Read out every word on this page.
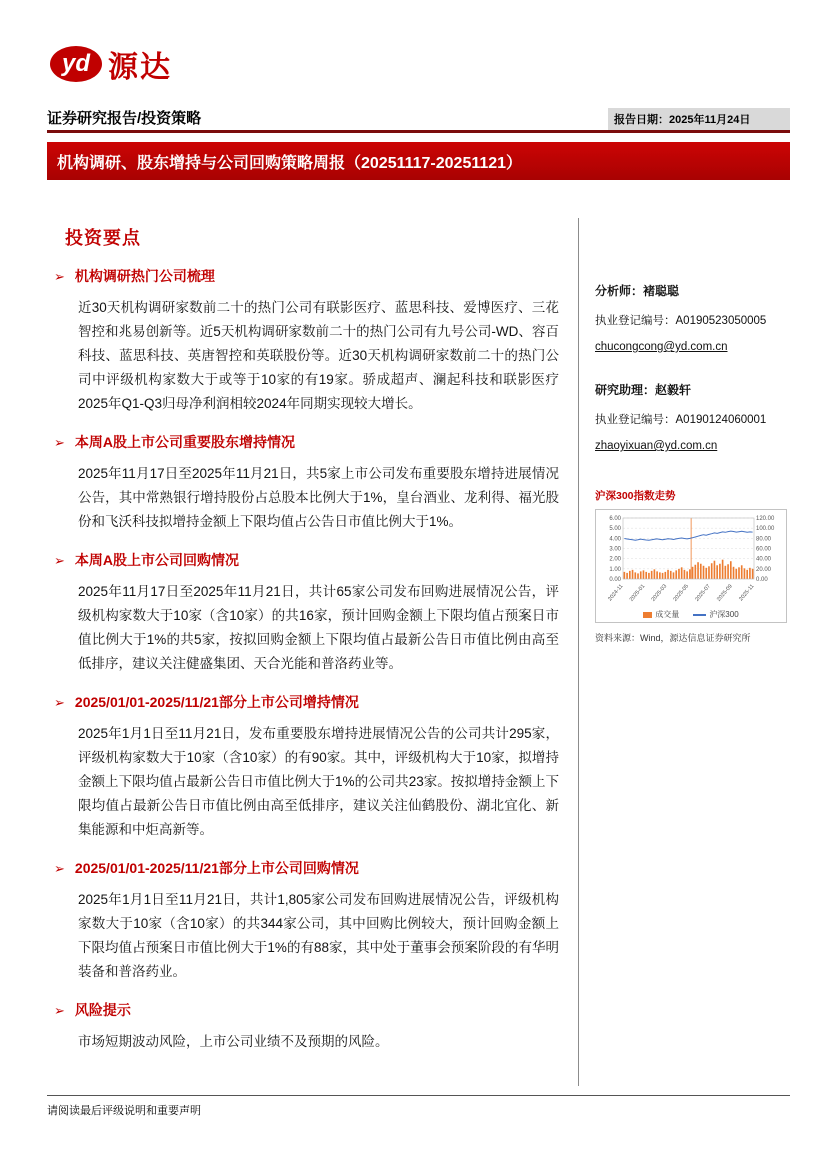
yd 源达
证券研究报告/投资策略	报告日期：2025年11月24日
机构调研、股东增持与公司回购策略周报（20251117-20251121）
投资要点
➢ 机构调研热门公司梳理
近30天机构调研家数前二十的热门公司有联影医疗、蓝思科技、爱博医疗、三花智控和兆易创新等。近5天机构调研家数前二十的热门公司有九号公司-WD、容百科技、蓝思科技、英唐智控和英联股份等。近30天机构调研家数前二十的热门公司中评级机构家数大于或等于10家的有19家。骄成超声、澜起科技和联影医疗2025年Q1-Q3归母净利润相较2024年同期实现较大增长。
➢ 本周A股上市公司重要股东增持情况
2025年11月17日至2025年11月21日，共5家上市公司发布重要股东增持进展情况公告，其中常熟银行增持股份占总股本比例大于1%，皇台酒业、龙利得、福光股份和飞沃科技拟增持金额上下限均值占公告日市值比例大于1%。
➢ 本周A股上市公司回购情况
2025年11月17日至2025年11月21日，共计65家公司发布回购进展情况公告，评级机构家数大于10家（含10家）的共16家，预计回购金额上下限均值占预案日市值比例大于1%的共5家，按拟回购金额上下限均值占最新公告日市值比例由高至低排序，建议关注健盛集团、天合光能和普洛药业等。
➢ 2025/01/01-2025/11/21部分上市公司增持情况
2025年1月1日至11月21日，发布重要股东增持进展情况公告的公司共计295家，评级机构家数大于10家（含10家）的有90家。其中，评级机构大于10家，拟增持金额上下限均值占最新公告日市值比例大于1%的公司共23家。按拟增持金额上下限均值占最新公告日市值比例由高至低排序，建议关注仙鹤股份、湖北宜化、新集能源和中炬高新等。
➢ 2025/01/01-2025/11/21部分上市公司回购情况
2025年1月1日至11月21日，共计1,805家公司发布回购进展情况公告，评级机构家数大于10家（含10家）的共344家公司，其中回购比例较大，预计回购金额上下限均值占预案日市值比例大于1%的有88家，其中处于董事会预案阶段的有华明装备和普洛药业。
➢ 风险提示
市场短期波动风险，上市公司业绩不及预期的风险。
分析师：褚聪聪
执业登记编号：A0190523050005
chucongcong@yd.com.cn
研究助理：赵毅轩
执业登记编号：A0190124060001
zhaoyixuan@yd.com.cn
沪深300指数走势
0.00	0.00
1.00	20.00
2.00	40.00
3.00	60.00
4.00	80.00
5.00	100.00
6.00	120.00
2024-11 2025-01 2025-03 2025-05 2025-07 2025-09 2025-11
成交量	沪深300
资料来源：Wind，源达信息证券研究所
请阅读最后评级说明和重要声明
